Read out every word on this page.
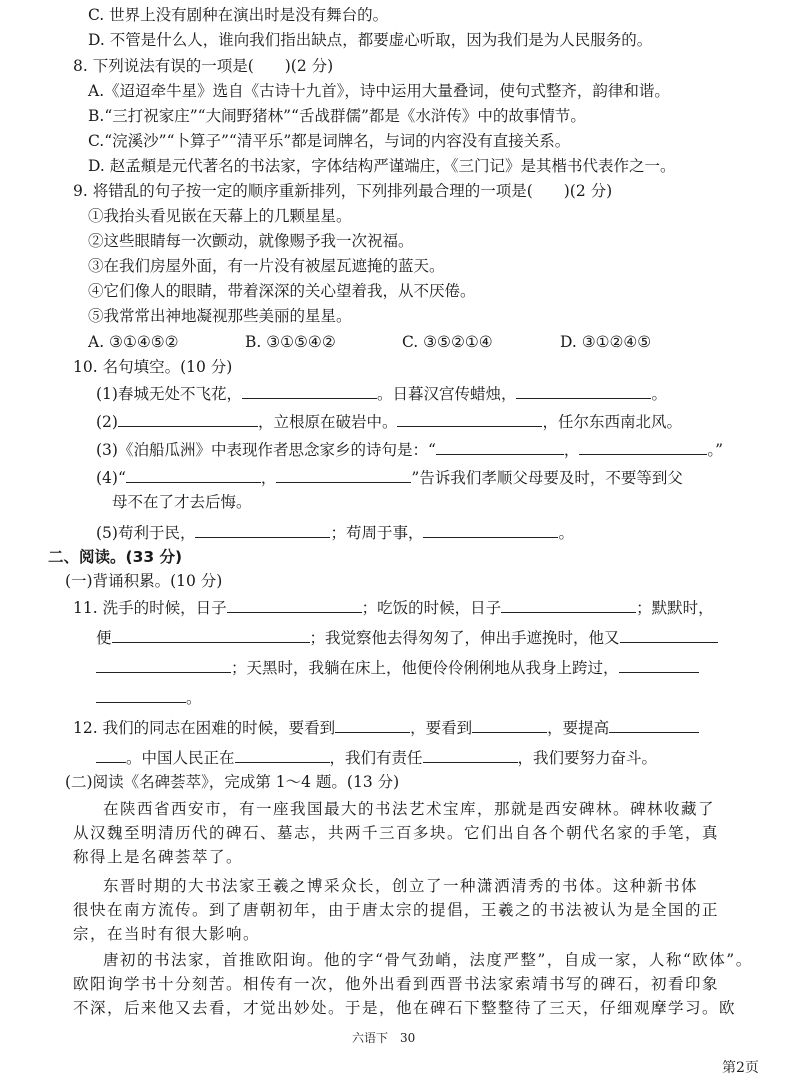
C. 世界上没有剧种在演出时是没有舞台的。
D. 不管是什么人，谁向我们指出缺点，都要虚心听取，因为我们是为人民服务的。
8. 下列说法有误的一项是(　　)(2 分)
A.《迢迢牵牛星》选自《古诗十九首》，诗中运用大量叠词，使句式整齐，韵律和谐。
B.“三打祝家庄”“大闹野猪林”“舌战群儒”都是《水浒传》中的故事情节。
C.“浣溪沙”“卜算子”“清平乐”都是词牌名，与词的内容没有直接关系。
D. 赵孟頫是元代著名的书法家，字体结构严谨端庄，《三门记》是其楷书代表作之一。
9. 将错乱的句子按一定的顺序重新排列，下列排列最合理的一项是(　　)(2 分)
①我抬头看见嵌在天幕上的几颗星星。
②这些眼睛每一次颤动，就像赐予我一次祝福。
③在我们房屋外面，有一片没有被屋瓦遮掩的蓝天。
④它们像人的眼睛，带着深深的关心望着我，从不厌倦。
⑤我常常出神地凝视那些美丽的星星。
A. ③①④⑤②	B. ③①⑤④②	C. ③⑤②①④	D. ③①②④⑤
10. 名句填空。(10 分)
(1)春城无处不飞花，	。日暮汉宫传蜡烛，	。
(2)	，立根原在破岩中。	，任尔东西南北风。
(3)《泊船瓜洲》中表现作者思念家乡的诗句是：“	，	。”
(4)“	，	”告诉我们孝顺父母要及时，不要等到父
母不在了才去后悔。
(5)苟利于民，	；苟周于事，	。
二、阅读。(33 分)
(一)背诵积累。(10 分)
11. 洗手的时候，日子	；吃饭的时候，日子	；默默时，
便	；我觉察他去得匆匆了，伸出手遮挽时，他又
；天黑时，我躺在床上，他便伶伶俐俐地从我身上跨过，
。
12. 我们的同志在困难的时候，要看到	，要看到	，要提高
。中国人民正在	，我们有责任	，我们要努力奋斗。
(二)阅读《名碑荟萃》，完成第 1～4 题。(13 分)
在陕西省西安市，有一座我国最大的书法艺术宝库，那就是西安碑林。碑林收藏了
从汉魏至明清历代的碑石、墓志，共两千三百多块。它们出自各个朝代名家的手笔，真
称得上是名碑荟萃了。
东晋时期的大书法家王羲之博采众长，创立了一种潇洒清秀的书体。这种新书体
很快在南方流传。到了唐朝初年，由于唐太宗的提倡，王羲之的书法被认为是全国的正
宗，在当时有很大影响。
唐初的书法家，首推欧阳询。他的字“骨气劲峭，法度严整”，自成一家，人称“欧体”。
欧阳询学书十分刻苦。相传有一次，他外出看到西晋书法家索靖书写的碑石，初看印象
不深，后来他又去看，才觉出妙处。于是，他在碑石下整整待了三天，仔细观摩学习。欧
六语下　30
第2页
